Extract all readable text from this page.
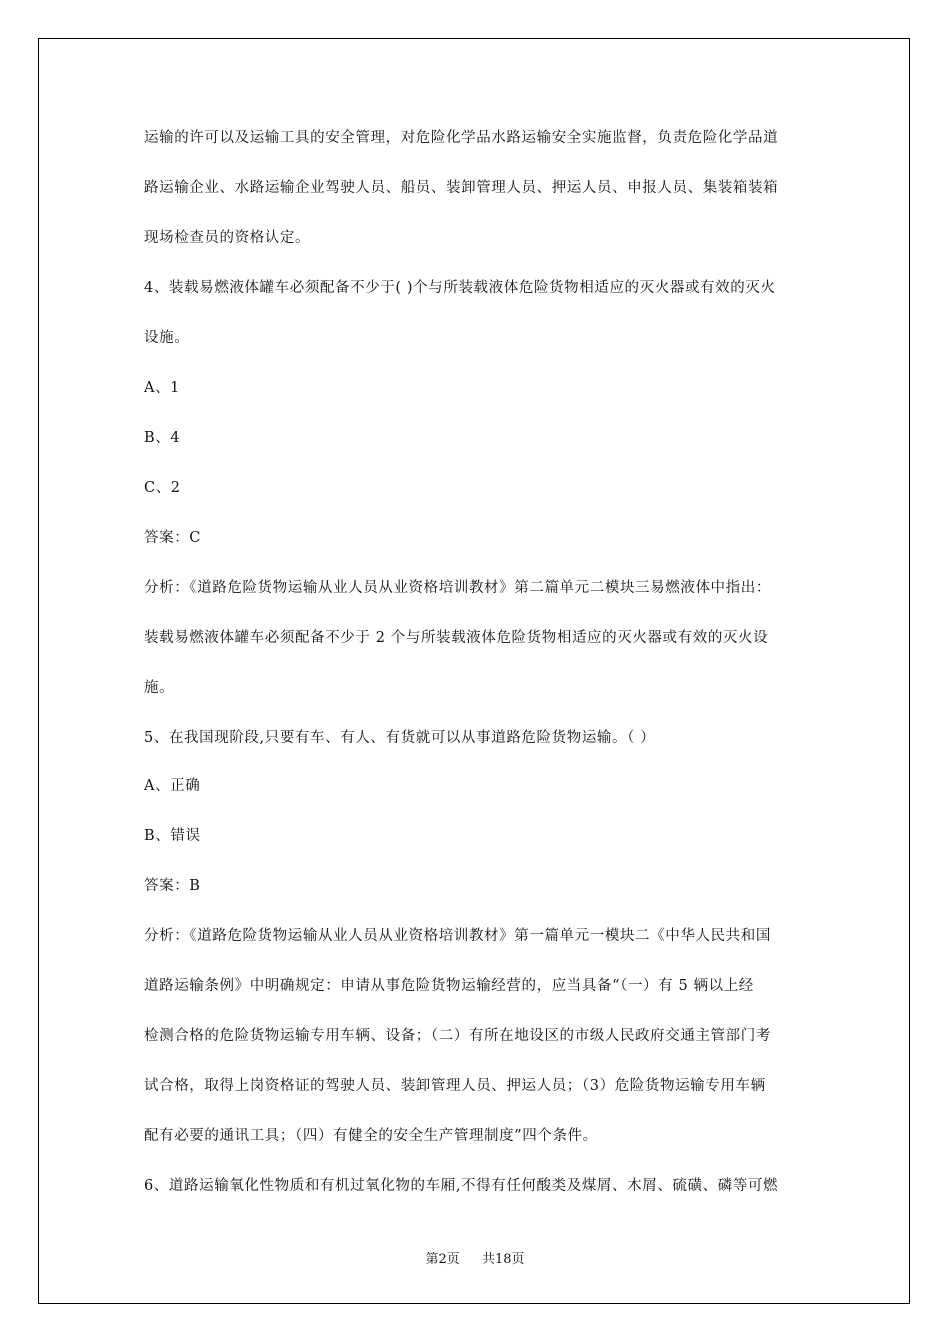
运输的许可以及运输工具的安全管理，对危险化学品水路运输安全实施监督，负责危险化学品道
路运输企业、水路运输企业驾驶人员、船员、装卸管理人员、押运人员、申报人员、集装箱装箱
现场检查员的资格认定。
4、装载易燃液体罐车必须配备不少于( )个与所装载液体危险货物相适应的灭火器或有效的灭火
设施。
A、1
B、4
C、2
答案：C
分析：《道路危险货物运输从业人员从业资格培训教材》第二篇单元二模块三易燃液体中指出：
装载易燃液体罐车必须配备不少于 2 个与所装载液体危险货物相适应的灭火器或有效的灭火设
施。
5、在我国现阶段,只要有车、有人、有货就可以从事道路危险货物运输。（ ）
A、正确
B、错误
答案：B
分析：《道路危险货物运输从业人员从业资格培训教材》第一篇单元一模块二《中华人民共和国
道路运输条例》中明确规定：申请从事危险货物运输经营的，应当具备“（一）有 5 辆以上经
检测合格的危险货物运输专用车辆、设备；（二）有所在地设区的市级人民政府交通主管部门考
试合格，取得上岗资格证的驾驶人员、装卸管理人员、押运人员；（3）危险货物运输专用车辆
配有必要的通讯工具；（四）有健全的安全生产管理制度”四个条件。
6、道路运输氧化性物质和有机过氧化物的车厢,不得有任何酸类及煤屑、木屑、硫磺、磷等可燃
第2页 共18页
